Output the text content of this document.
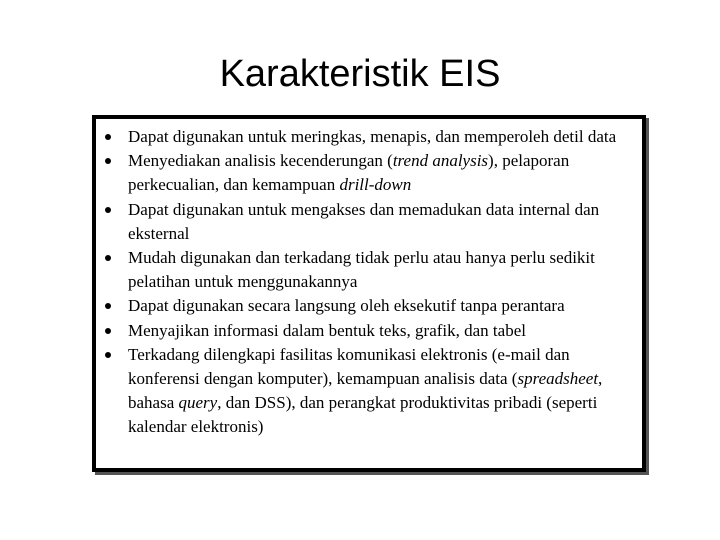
Karakteristik EIS
Dapat digunakan untuk meringkas, menapis, dan memperoleh detil data
Menyediakan analisis kecenderungan (trend analysis), pelaporan perkecualian, dan kemampuan drill-down
Dapat digunakan untuk mengakses dan memadukan data internal dan eksternal
Mudah digunakan dan terkadang tidak perlu atau hanya perlu sedikit pelatihan untuk menggunakannya
Dapat digunakan secara langsung oleh eksekutif tanpa perantara
Menyajikan informasi dalam bentuk teks, grafik, dan tabel
Terkadang dilengkapi fasilitas komunikasi elektronis (e-mail dan konferensi dengan komputer), kemampuan analisis data (spreadsheet, bahasa query, dan DSS), dan perangkat produktivitas pribadi (seperti kalendar elektronis)
